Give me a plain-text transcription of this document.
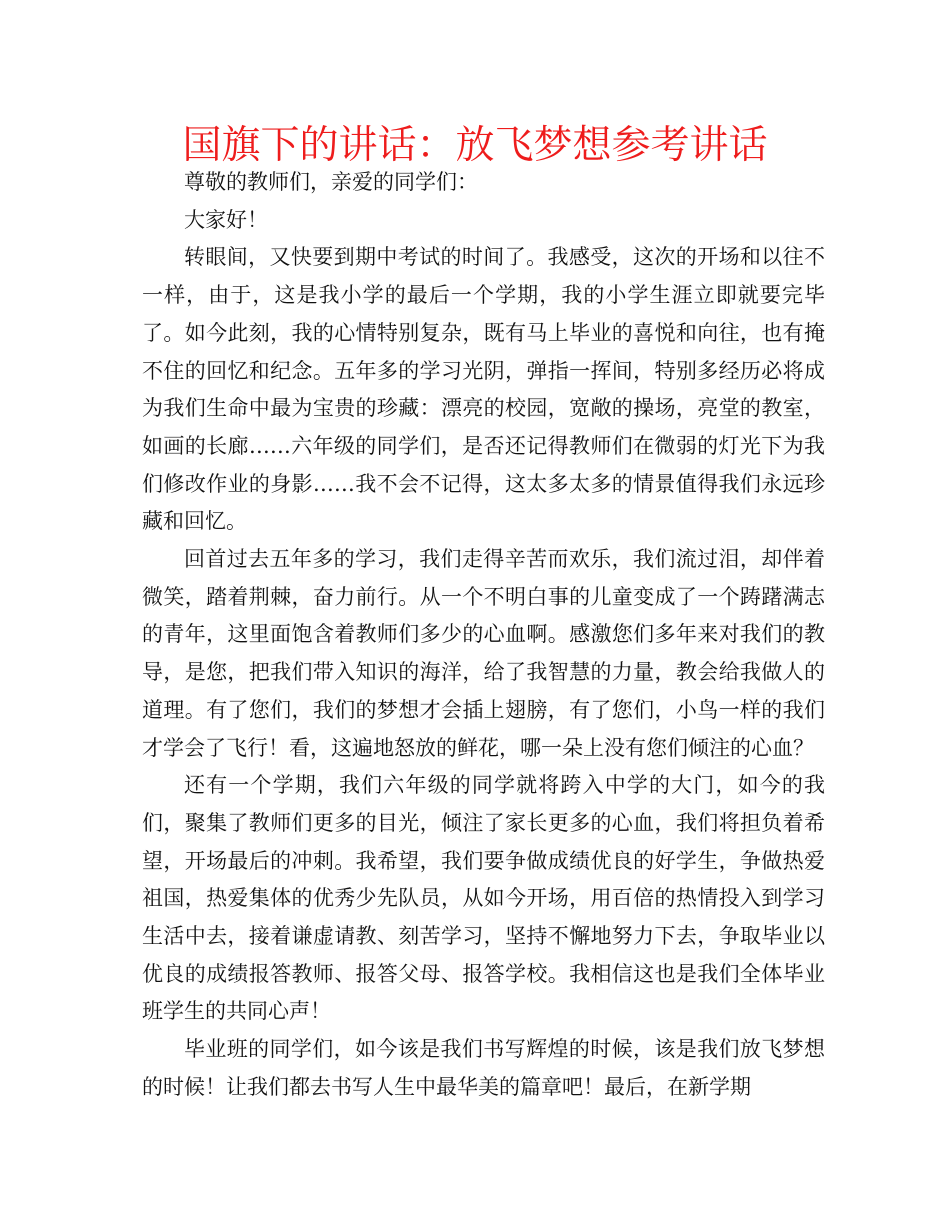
国旗下的讲话：放飞梦想参考讲话

尊敬的教师们，亲爱的同学们：

大家好！

转眼间，又快要到期中考试的时间了。我感受，这次的开场和以往不一样，由于，这是我小学的最后一个学期，我的小学生涯立即就要完毕了。如今此刻，我的心情特别复杂，既有马上毕业的喜悦和向往，也有掩不住的回忆和纪念。五年多的学习光阴，弹指一挥间，特别多经历必将成为我们生命中最为宝贵的珍藏：漂亮的校园，宽敞的操场，亮堂的教室，如画的长廊……六年级的同学们，是否还记得教师们在微弱的灯光下为我们修改作业的身影……我不会不记得，这太多太多的情景值得我们永远珍藏和回忆。

回首过去五年多的学习，我们走得辛苦而欢乐，我们流过泪，却伴着微笑，踏着荆棘，奋力前行。从一个不明白事的儿童变成了一个踌躇满志的青年，这里面饱含着教师们多少的心血啊。感激您们多年来对我们的教导，是您，把我们带入知识的海洋，给了我智慧的力量，教会给我做人的道理。有了您们，我们的梦想才会插上翅膀，有了您们，小鸟一样的我们才学会了飞行！看，这遍地怒放的鲜花，哪一朵上没有您们倾注的心血？

还有一个学期，我们六年级的同学就将跨入中学的大门，如今的我们，聚集了教师们更多的目光，倾注了家长更多的心血，我们将担负着希望，开场最后的冲刺。我希望，我们要争做成绩优良的好学生，争做热爱祖国，热爱集体的优秀少先队员，从如今开场，用百倍的热情投入到学习生活中去，接着谦虚请教、刻苦学习，坚持不懈地努力下去，争取毕业以优良的成绩报答教师、报答父母、报答学校。我相信这也是我们全体毕业班学生的共同心声！

毕业班的同学们，如今该是我们书写辉煌的时候，该是我们放飞梦想的时候！让我们都去书写人生中最华美的篇章吧！最后，在新学期
